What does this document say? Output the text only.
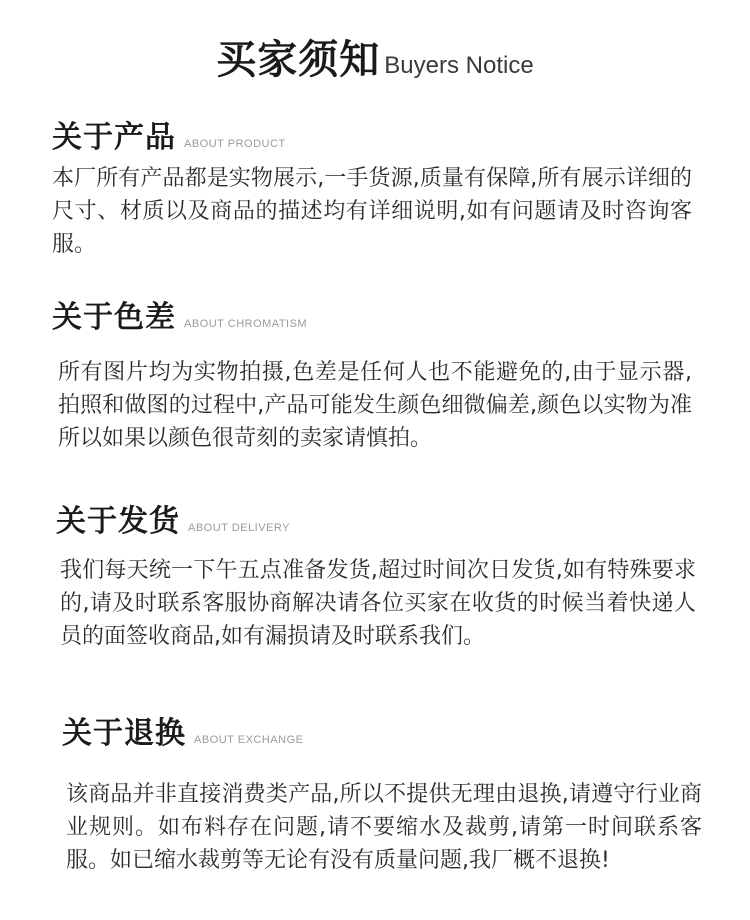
买家须知 Buyers Notice
关于产品 ABOUT PRODUCT

本厂所有产品都是实物展示,一手货源,质量有保障,所有展示详细的尺寸、材质以及商品的描述均有详细说明,如有问题请及时咨询客服。

关于色差 ABOUT CHROMATISM

所有图片均为实物拍摄,色差是任何人也不能避免的,由于显示器,拍照和做图的过程中,产品可能发生颜色细微偏差,颜色以实物为准所以如果以颜色很苛刻的卖家请慎拍。

关于发货 ABOUT DELIVERY

我们每天统一下午五点准备发货,超过时间次日发货,如有特殊要求的,请及时联系客服协商解决请各位买家在收货的时候当着快递人员的面签收商品,如有漏损请及时联系我们。

关于退换 ABOUT EXCHANGE

该商品并非直接消费类产品,所以不提供无理由退换,请遵守行业商业规则。如布料存在问题,请不要缩水及裁剪,请第一时间联系客服。如已缩水裁剪等无论有没有质量问题,我厂概不退换!
